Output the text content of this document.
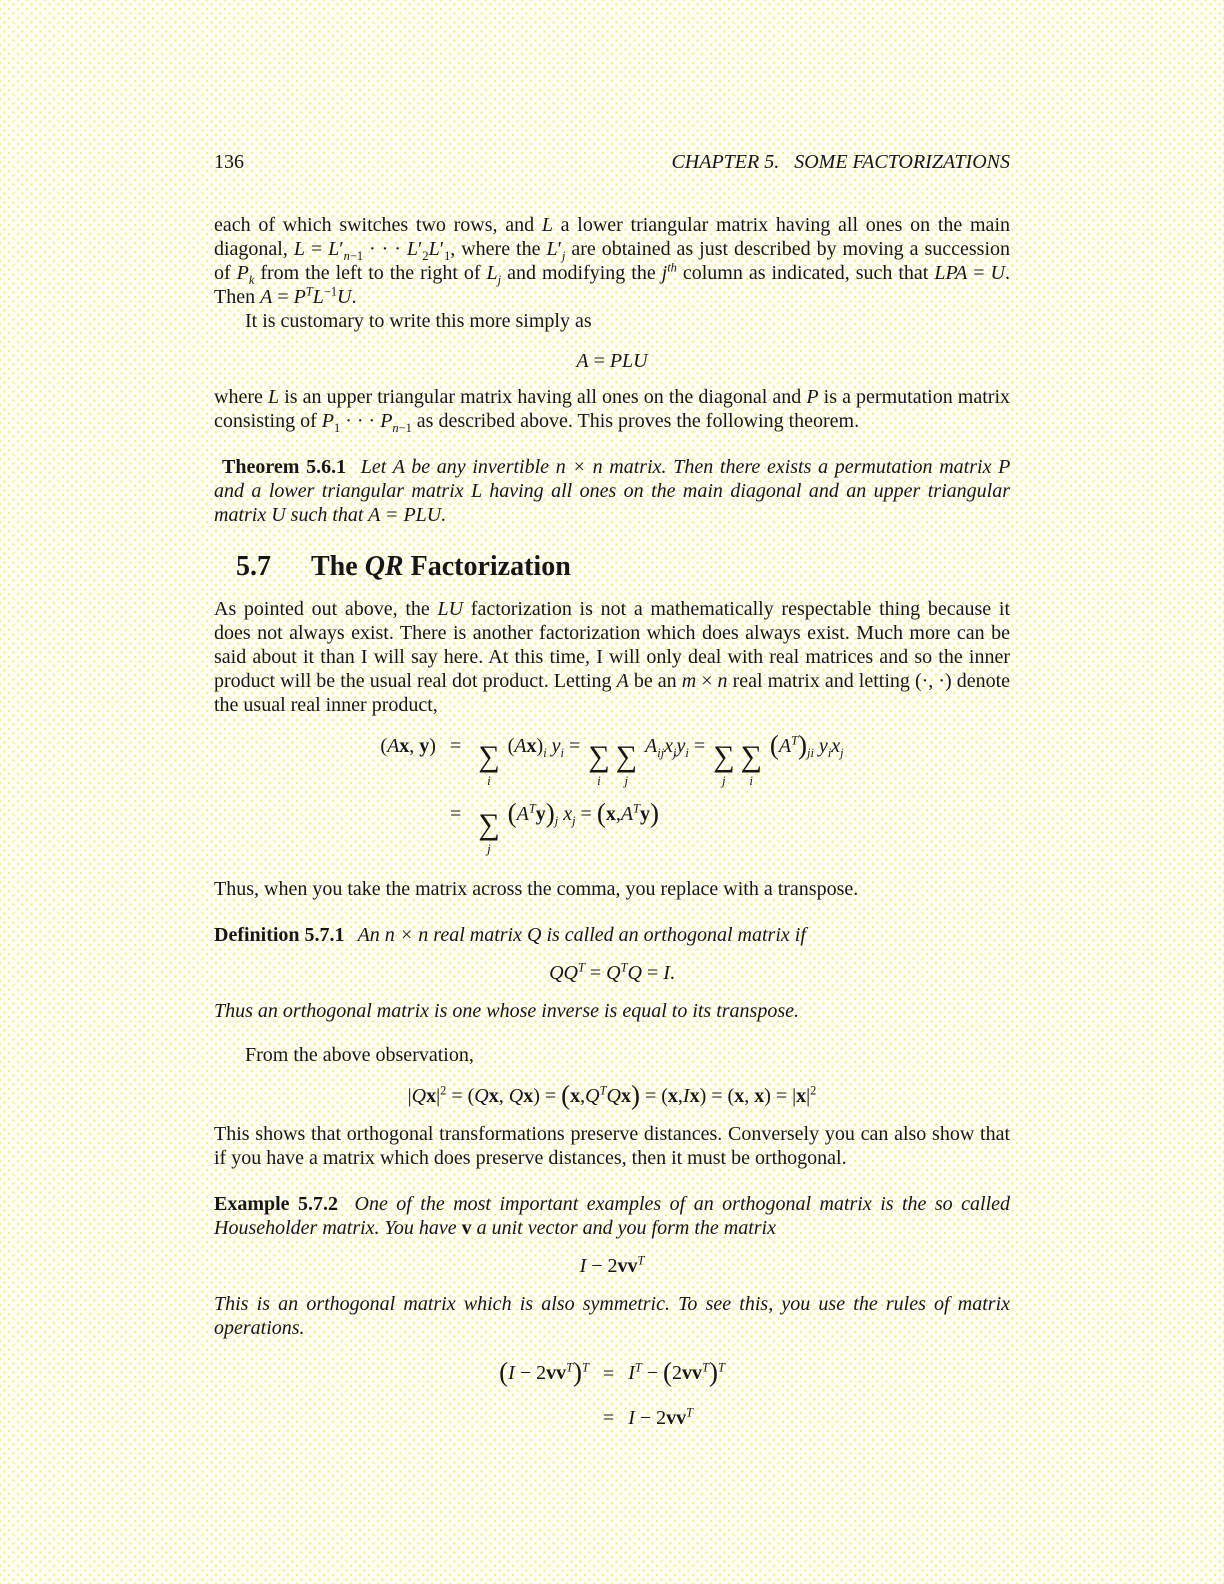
136	CHAPTER 5.   SOME FACTORIZATIONS

each of which switches two rows, and L a lower triangular matrix having all ones on the main diagonal, $L = L'_{n-1}$ · · · $L'_2L'_1$, where the $L'_j$ are obtained as just described by moving a succession of $P_k$ from the left to the right of $L_j$ and modifying the $j^{th}$ column as indicated, such that LPA = U. Then $A = P^TL^{-1}U$.

It is customary to write this more simply as

A = PLU

where L is an upper triangular matrix having all ones on the diagonal and P is a permutation matrix consisting of $P_1$ · · · $P_{n-1}$ as described above. This proves the following theorem.

Theorem 5.6.1 Let A be any invertible n × n matrix. Then there exists a permutation matrix P and a lower triangular matrix L having all ones on the main diagonal and an upper triangular matrix U such that A = PLU.

5.7 The QR Factorization

As pointed out above, the LU factorization is not a mathematically respectable thing because it does not always exist. There is another factorization which does always exist. Much more can be said about it than I will say here. At this time, I will only deal with real matrices and so the inner product will be the usual real dot product. Letting A be an m × n real matrix and letting (·, ·) denote the usual real inner product,

(Ax, y) = ∑
i
$(Ax)_i$ $y_i$ = ∑
i
∑
j
$A_{ij}x_jy_i$ = ∑
j
∑
i
$(A^T)_{ji}$ $y_ix_j$
= ∑
j
$(A^Ty)_j$ $x_j = (x,A^Ty)$

Thus, when you take the matrix across the comma, you replace with a transpose.

Definition 5.7.1 An n × n real matrix Q is called an orthogonal matrix if

$QQ^T = Q^TQ = I$.

Thus an orthogonal matrix is one whose inverse is equal to its transpose.

From the above observation,

$|Qx|^2 = (Qx$, $Qx) = (x,Q^TQx) = (x,Ix) = (x$, $x) = |x|^2$

This shows that orthogonal transformations preserve distances. Conversely you can also show that if you have a matrix which does preserve distances, then it must be orthogonal.

Example 5.7.2 One of the most important examples of an orthogonal matrix is the so called Householder matrix. You have v a unit vector and you form the matrix

$I - 2vv^T$

This is an orthogonal matrix which is also symmetric. To see this, you use the rules of matrix operations.

$(I - 2vv^T)^T = I^T - (2vv^T)^T$
= $I - 2vv^T$
